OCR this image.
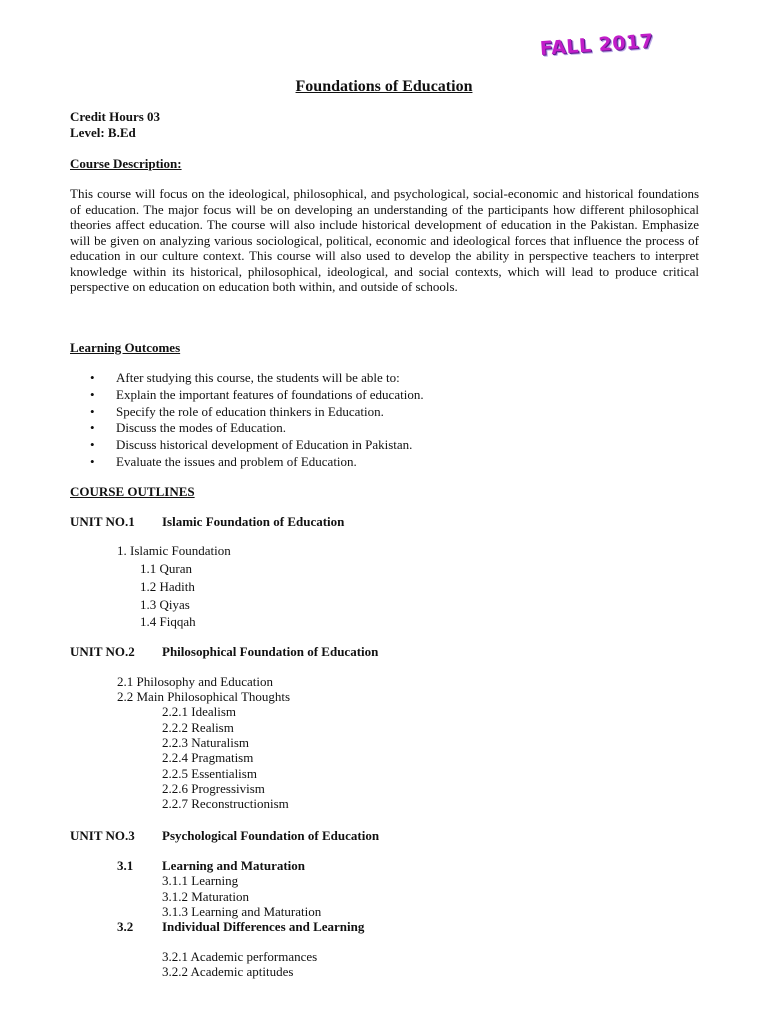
FALL 2017
Foundations of Education
Credit Hours 03
Level: B.Ed
Course Description:

This course will focus on the ideological, philosophical, and psychological, social-economic and historical foundations of education. The major focus will be on developing an understanding of the participants how different philosophical theories affect education. The course will also include historical development of education in the Pakistan. Emphasize will be given on analyzing various sociological, political, economic and ideological forces that influence the process of education in our culture context. This course will also used to develop the ability in perspective teachers to interpret knowledge within its historical, philosophical, ideological, and social contexts, which will lead to produce critical perspective on education on education both within, and outside of schools.

Learning Outcomes
• After studying this course, the students will be able to:
• Explain the important features of foundations of education.
• Specify the role of education thinkers in Education.
• Discuss the modes of Education.
• Discuss historical development of Education in Pakistan.
• Evaluate the issues and problem of Education.
COURSE OUTLINES
UNIT NO.1 Islamic Foundation of Education
1. Islamic Foundation
1.1 Quran
1.2 Hadith
1.3 Qiyas
1.4 Fiqqah
UNIT NO.2 Philosophical Foundation of Education
2.1 Philosophy and Education
2.2 Main Philosophical Thoughts
2.2.1 Idealism
2.2.2 Realism
2.2.3 Naturalism
2.2.4 Pragmatism
2.2.5 Essentialism
2.2.6 Progressivism
2.2.7 Reconstructionism
UNIT NO.3 Psychological Foundation of Education
3.1 Learning and Maturation
3.1.1 Learning
3.1.2 Maturation
3.1.3 Learning and Maturation
3.2 Individual Differences and Learning
3.2.1 Academic performances
3.2.2 Academic aptitudes
